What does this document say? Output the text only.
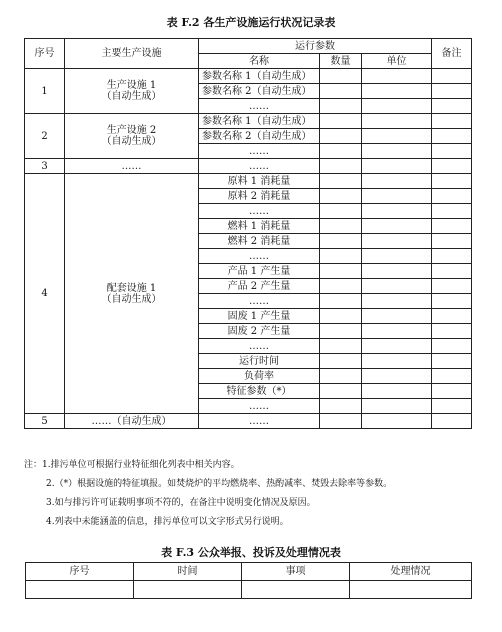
表 F.2 各生产设施运行状况记录表
序号	主要生产设施	运行参数			备注
		名称	数量	单位	
1	生产设施 1
（自动生成）	参数名称 1（自动生成）			
		参数名称 2（自动生成）			
		……			
2	生产设施 2
（自动生成）	参数名称 1（自动生成）			
		参数名称 2（自动生成）			
		……			
3	……	……			
4	配套设施 1
（自动生成）	原料 1 消耗量			
		原料 2 消耗量			
		……			
		燃料 1 消耗量			
		燃料 2 消耗量			
		……			
		产品 1 产生量			
		产品 2 产生量			
		……			
		固废 1 产生量			
		固废 2 产生量			
		……			
		运行时间			
		负荷率			
		特征参数（*）			
		……			
5	……（自动生成）	……			
注：1.排污单位可根据行业特征细化列表中相关内容。
2.（*）根据设施的特征填报。如焚烧炉的平均燃烧率、热酌减率、焚毁去除率等参数。
3.如与排污许可证载明事项不符的，在备注中说明变化情况及原因。
4.列表中未能涵盖的信息，排污单位可以文字形式另行说明。
表 F.3 公众举报、投诉及处理情况表
序号	时间	事项	处理情况
